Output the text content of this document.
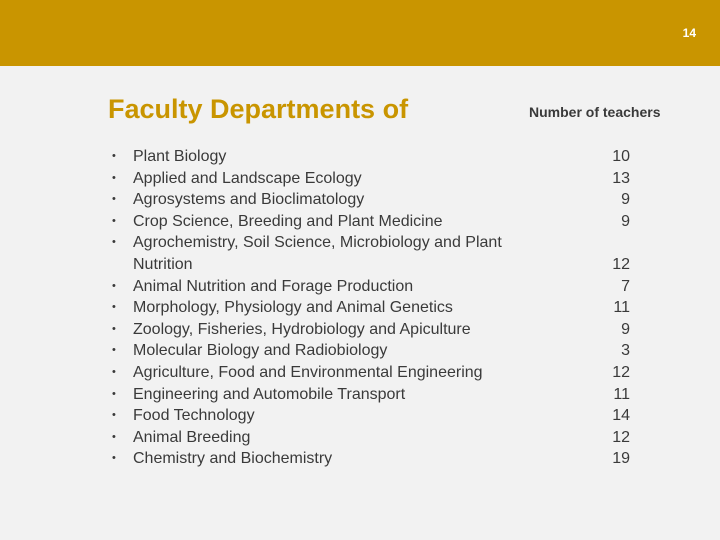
14
Faculty Departments of	Number of teachers
• Plant Biology
• Applied and Landscape Ecology
• Agrosystems and Bioclimatology
• Crop Science, Breeding and Plant Medicine
• Agrochemistry, Soil Science, Microbiology and Plant Nutrition
• Animal Nutrition and Forage Production
• Morphology, Physiology and Animal Genetics
• Zoology, Fisheries, Hydrobiology and Apiculture
• Molecular Biology and Radiobiology
• Agriculture, Food and Environmental Engineering
• Engineering and Automobile Transport
• Food Technology
• Animal Breeding
• Chemistry and Biochemistry
10
13
9
9
12
7
11
9
3
12
11
14
12
19
